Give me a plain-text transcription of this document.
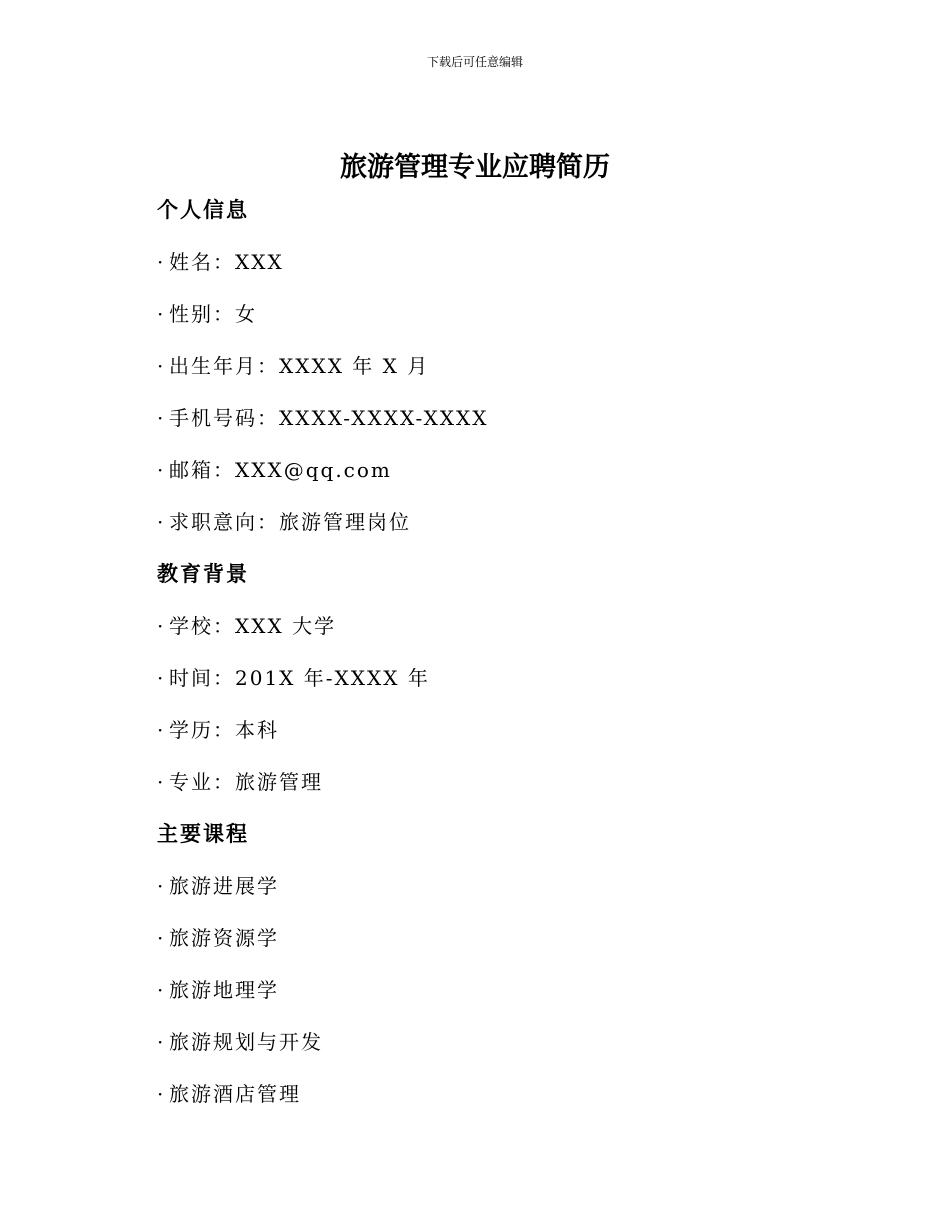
下载后可任意编辑
旅游管理专业应聘简历
个人信息
· 姓名：XXX
· 性别：女
· 出生年月：XXXX 年 X 月
· 手机号码：XXXX-XXXX-XXXX
· 邮箱：XXX@qq.com
· 求职意向：旅游管理岗位
教育背景
· 学校：XXX 大学
· 时间：201X 年-XXXX 年
· 学历：本科
· 专业：旅游管理
主要课程
· 旅游进展学
· 旅游资源学
· 旅游地理学
· 旅游规划与开发
· 旅游酒店管理
